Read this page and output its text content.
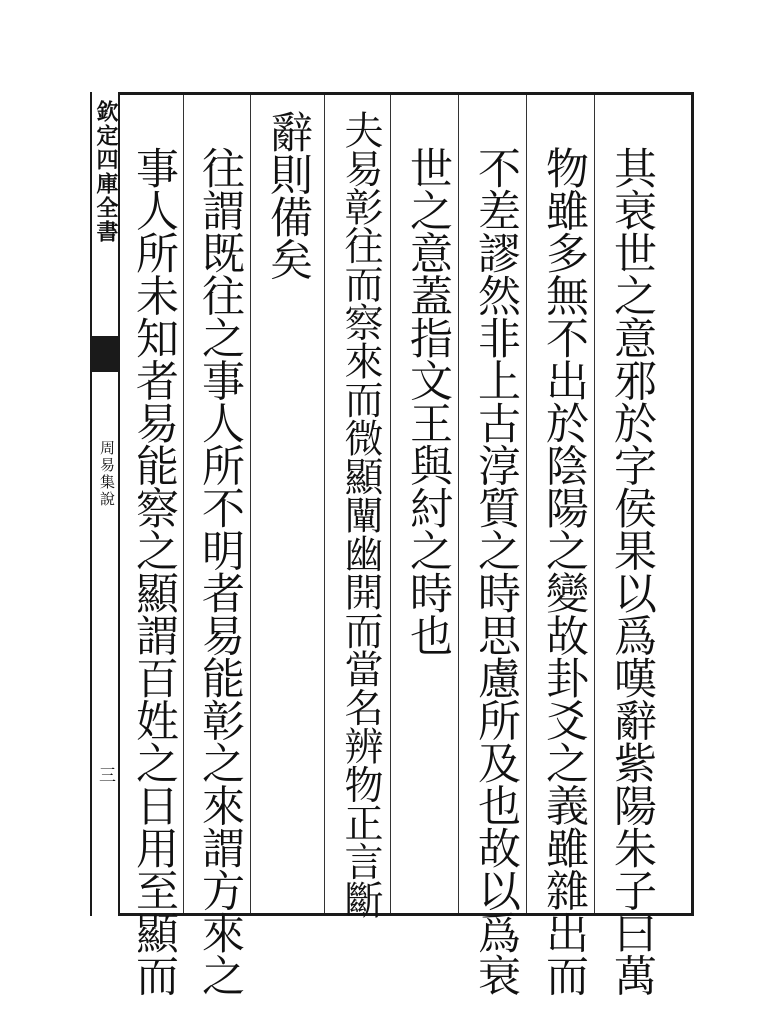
欽定四庫全書
周易集說
三	其衰世之意邪於字侯果以爲嘆辭紫陽朱子曰萬
物雖多無不出於陰陽之變故卦爻之義雖雜出而
不差謬然非上古淳質之時思慮所及也故以爲衰
世之意蓋指文王與紂之時也
夫易彰往而察來而微顯闡幽開而當名辨物正言斷
辭則備矣
往謂既往之事人所不明者易能彰之來謂方來之
事人所未知者易能察之顯謂百姓之日用至顯而
